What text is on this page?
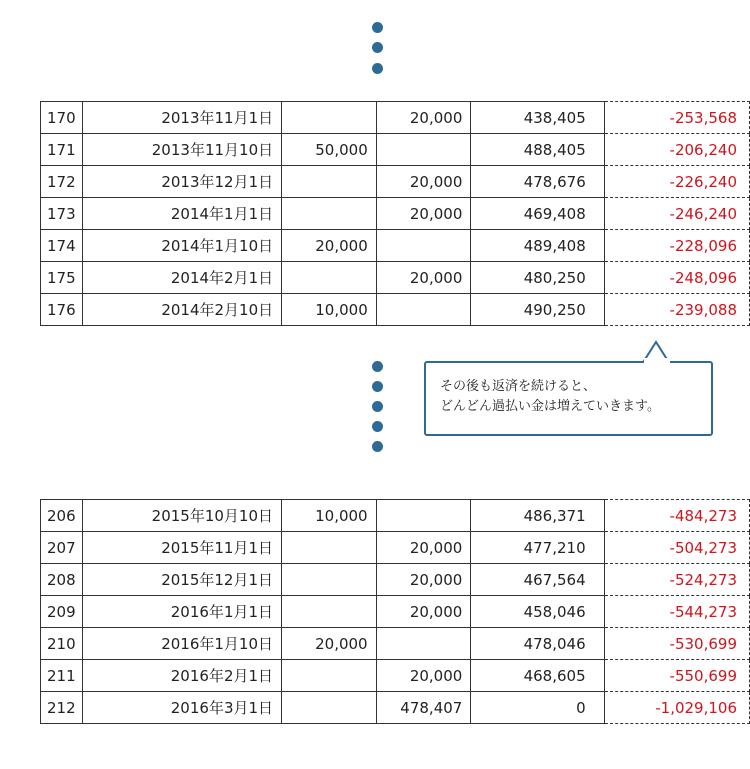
170	2013年11月1日		20,000	438,405	-253,568
171	2013年11月10日	50,000		488,405	-206,240
172	2013年12月1日		20,000	478,676	-226,240
173	2014年1月1日		20,000	469,408	-246,240
174	2014年1月10日	20,000		489,408	-228,096
175	2014年2月1日		20,000	480,250	-248,096
176	2014年2月10日	10,000		490,250	-239,088
その後も返済を続けると、
どんどん過払い金は増えていきます。
206	2015年10月10日	10,000		486,371	-484,273
207	2015年11月1日		20,000	477,210	-504,273
208	2015年12月1日		20,000	467,564	-524,273
209	2016年1月1日		20,000	458,046	-544,273
210	2016年1月10日	20,000		478,046	-530,699
211	2016年2月1日		20,000	468,605	-550,699
212	2016年3月1日		478,407	0	-1,029,106
